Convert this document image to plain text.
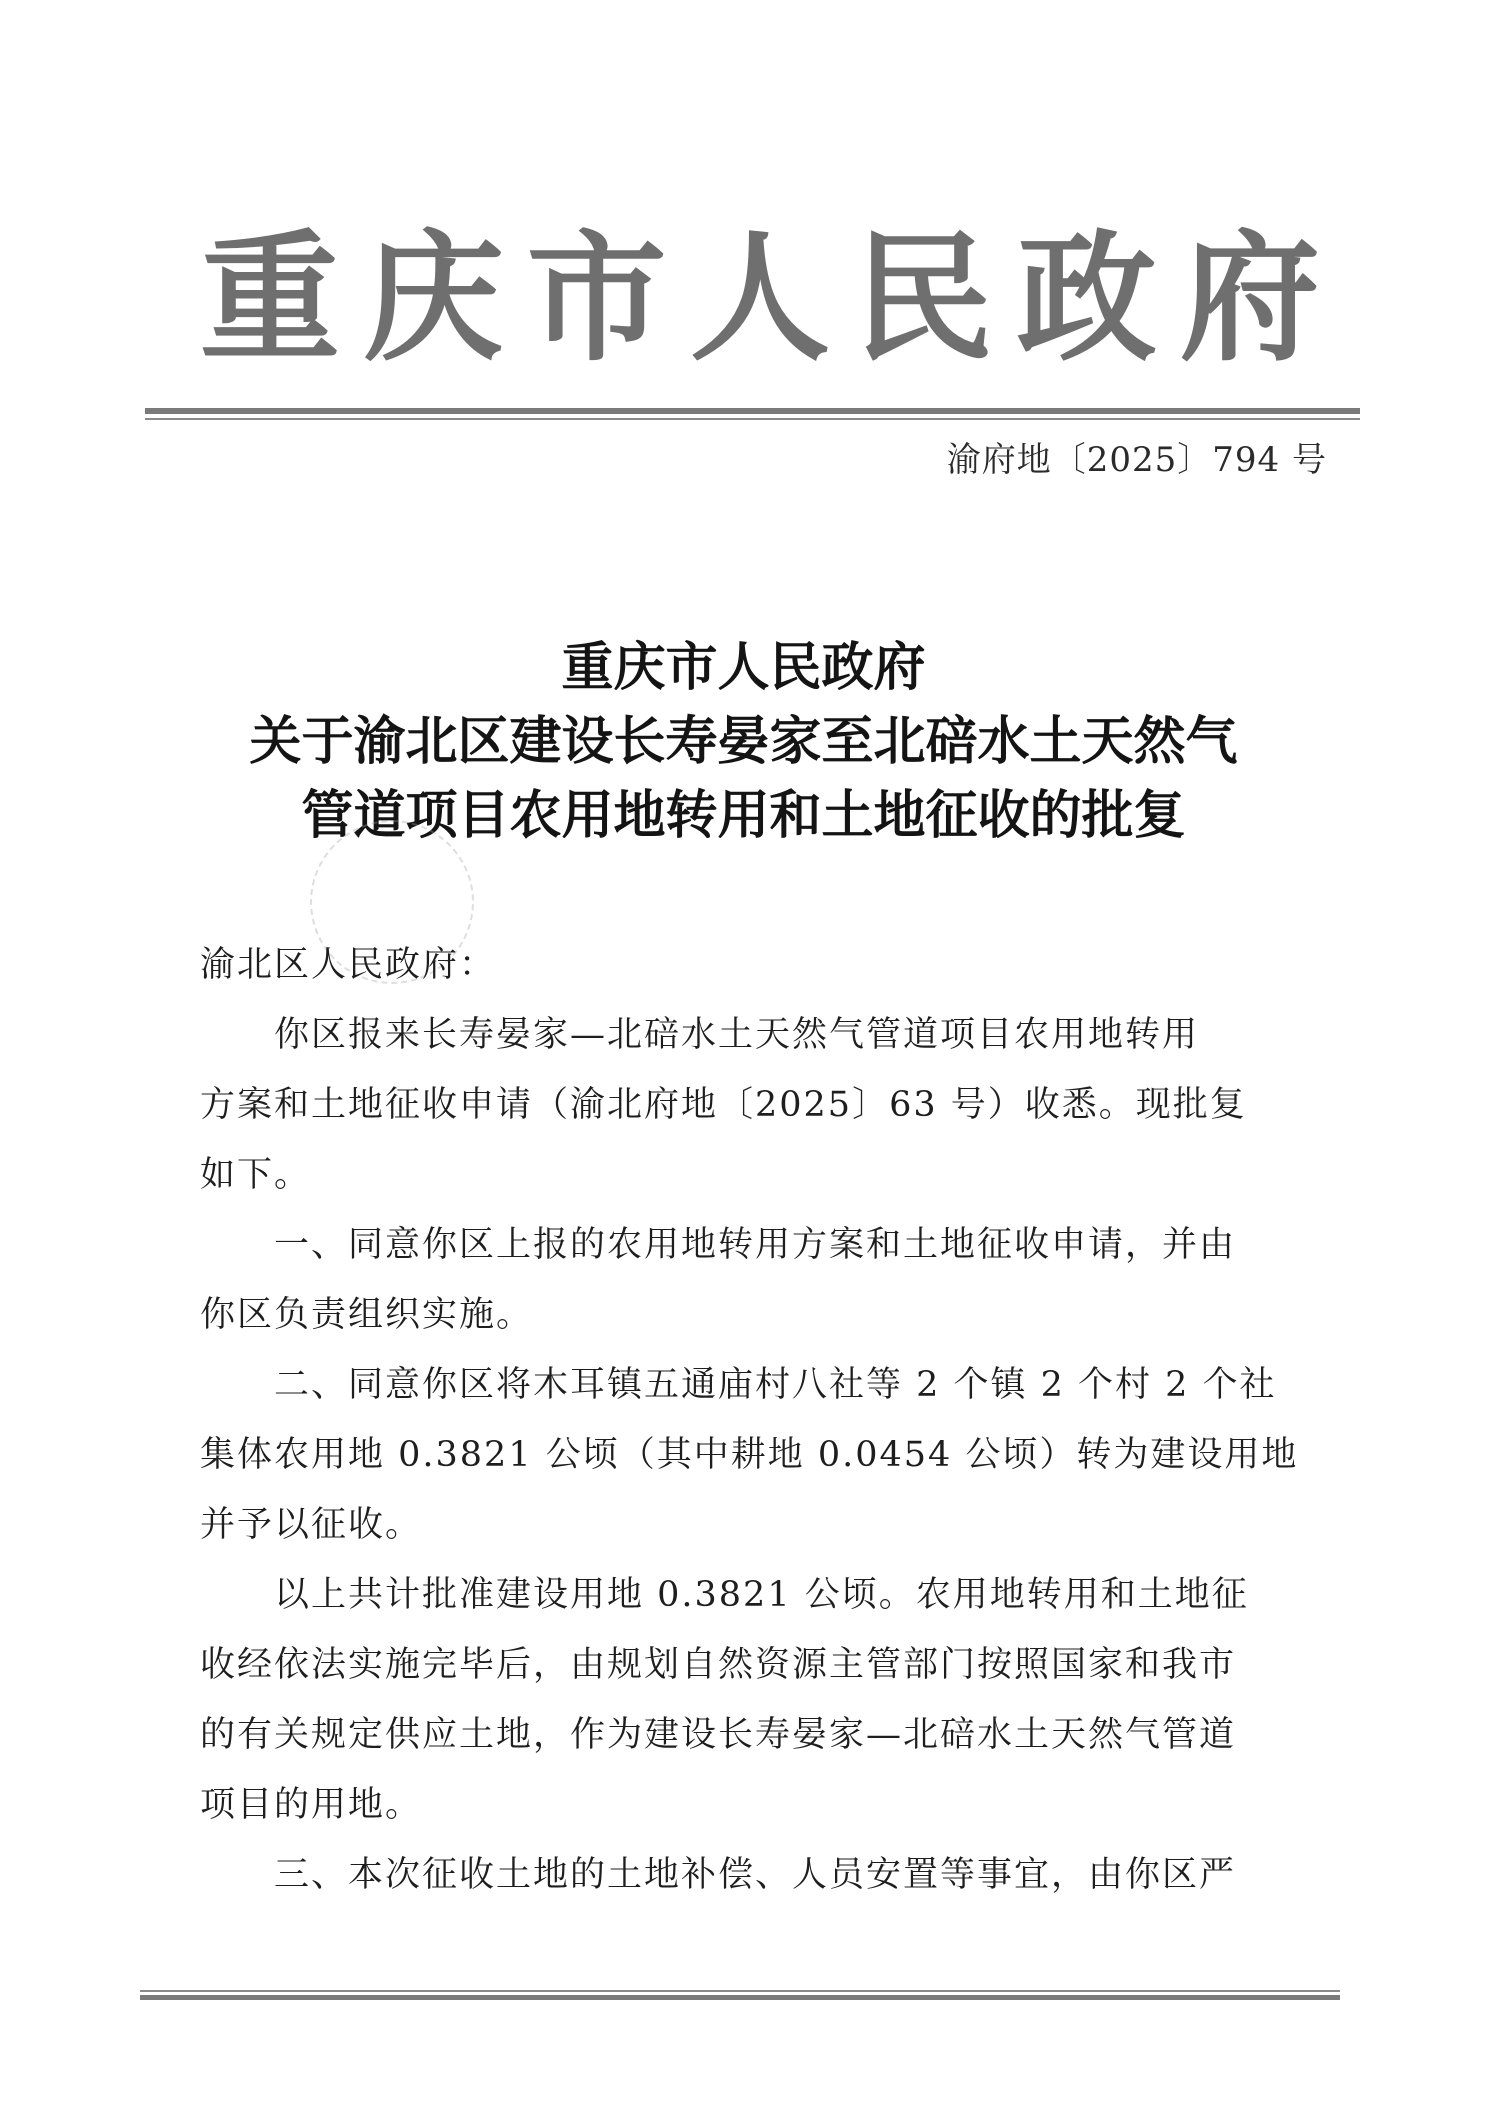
重 庆 市 人 民 政 府
渝府地〔2025〕794 号
重庆市人民政府
关于渝北区建设长寿晏家至北碚水土天然气
管道项目农用地转用和土地征收的批复
渝北区人民政府：
　　你区报来长寿晏家—北碚水土天然气管道项目农用地转用
方案和土地征收申请（渝北府地〔2025〕63 号）收悉。现批复
如下。
　　一、同意你区上报的农用地转用方案和土地征收申请，并由
你区负责组织实施。
　　二、同意你区将木耳镇五通庙村八社等 2 个镇 2 个村 2 个社
集体农用地 0.3821 公顷（其中耕地 0.0454 公顷）转为建设用地
并予以征收。
　　以上共计批准建设用地 0.3821 公顷。农用地转用和土地征
收经依法实施完毕后，由规划自然资源主管部门按照国家和我市
的有关规定供应土地，作为建设长寿晏家—北碚水土天然气管道
项目的用地。
　　三、本次征收土地的土地补偿、人员安置等事宜，由你区严
